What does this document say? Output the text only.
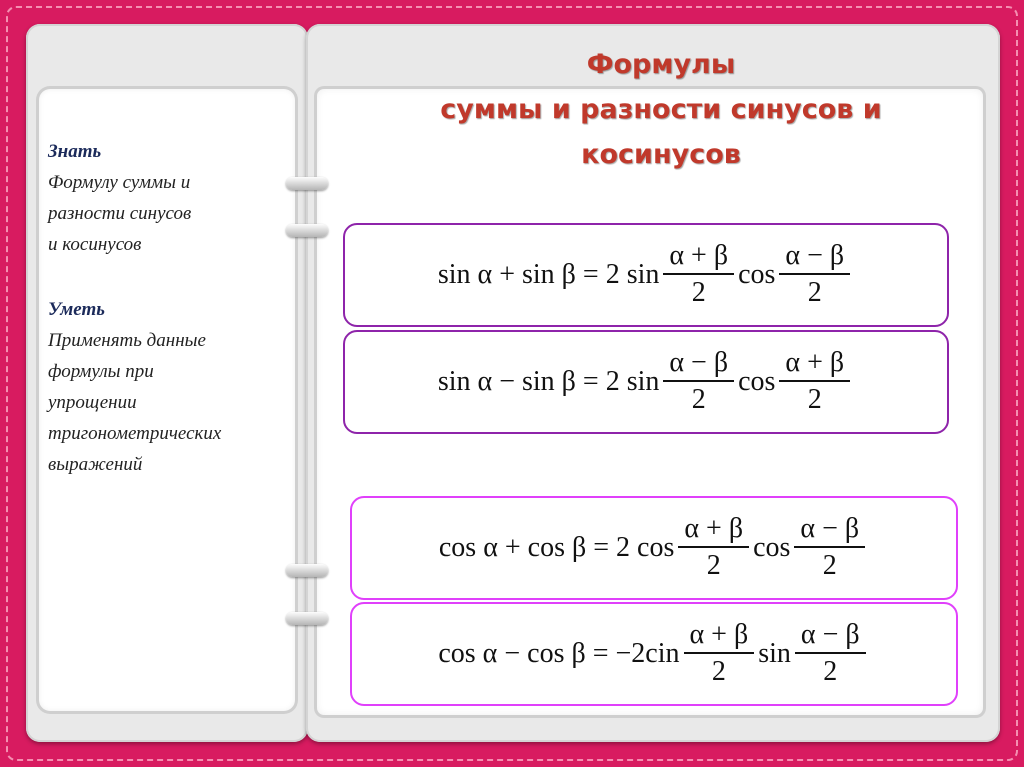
Формулы
суммы и разности синусов и
косинусов
Знать
Формулу суммы и
разности синусов
и косинусов
Уметь
Применять данные
формулы при
упрощении
тригонометрических
выражений
sin α + sin β = 2 $\sin \frac{\alpha + \beta}{2}$ $\cos \frac{\alpha - \beta}{2}$
sin α − sin β = 2 $\sin \frac{\alpha - \beta}{2}$ $\cos \frac{\alpha + \beta}{2}$
cos α + cos β = 2 $\cos \frac{\alpha + \beta}{2}$ $\cos \frac{\alpha - \beta}{2}$
$\cos \alpha - \cos \beta = -2cin \frac{\alpha + \beta}{2}$ $\sin \frac{\alpha - \beta}{2}$
